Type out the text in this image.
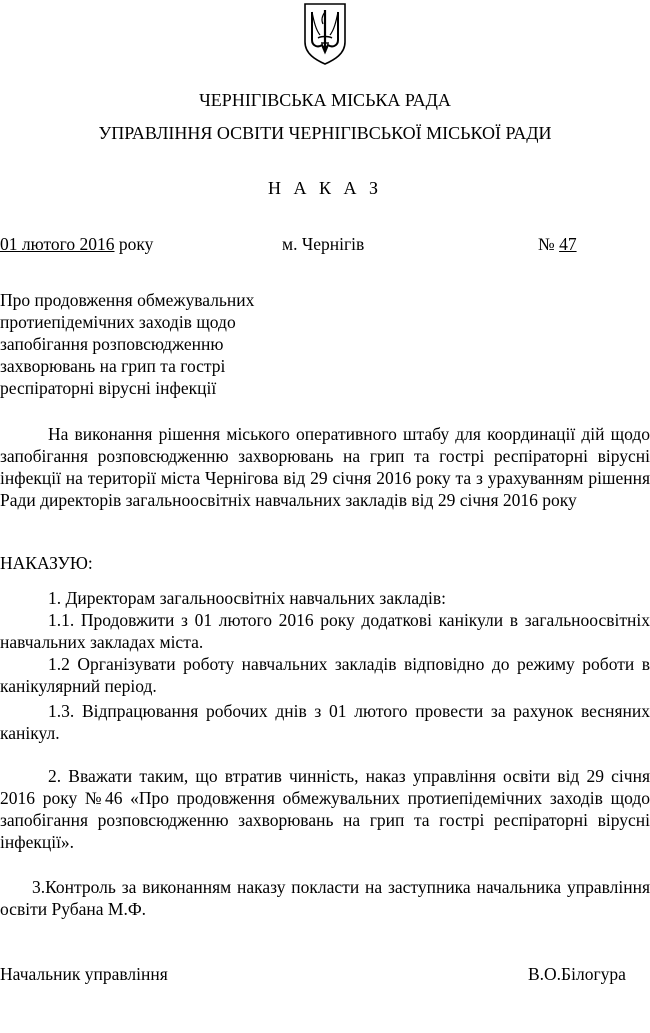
ЧЕРНІГІВСЬКА МІСЬКА РАДА
УПРАВЛІННЯ ОСВІТИ ЧЕРНІГІВСЬКОЇ МІСЬКОЇ РАДИ
Н А К А З
01 лютого 2016 року	м. Чернігів	№ 47
Про продовження обмежувальних
протиепідемічних заходів щодо
запобігання розповсюдженню
захворювань на грип та гострі
респіраторні вірусні інфекції

На виконання рішення міського оперативного штабу для координації дій щодо запобігання розповсюдженню захворювань на грип та гострі респіраторні вірусні інфекції на території міста Чернігова від 29 січня 2016 року та з урахуванням рішення Ради директорів загальноосвітніх навчальних закладів від 29 січня 2016 року

НАКАЗУЮ:

1. Директорам загальноосвітніх навчальних закладів:

1.1. Продовжити з 01 лютого 2016 року додаткові канікули в загальноосвітніх навчальних закладах міста.

1.2 Організувати роботу навчальних закладів відповідно до режиму роботи в канікулярний період.

1.3. Відпрацювання робочих днів з 01 лютого провести за рахунок весняних канікул.

2. Вважати таким, що втратив чинність, наказ управління освіти від 29 січня 2016 року №46 «Про продовження обмежувальних протиепідемічних заходів щодо запобігання розповсюдженню захворювань на грип та гострі респіраторні вірусні інфекції».

3.Контроль за виконанням наказу покласти на заступника начальника управління освіти Рубана М.Ф.

Начальник управління	В.О.Білогура
